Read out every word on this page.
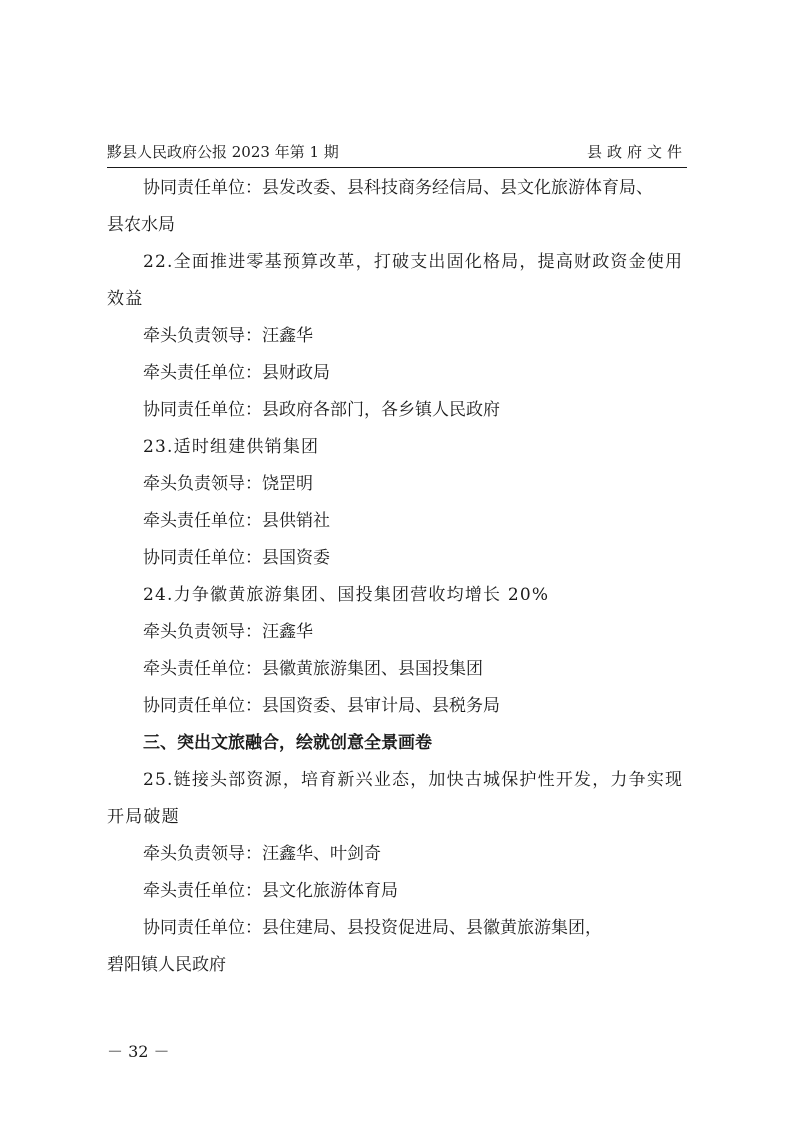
黟县人民政府公报 2023 年第 1 期	县政府文件
协同责任单位：县发改委、县科技商务经信局、县文化旅游体育局、
县农水局
22.全面推进零基预算改革，打破支出固化格局，提高财政资金使用
效益
牵头负责领导：汪鑫华
牵头责任单位：县财政局
协同责任单位：县政府各部门，各乡镇人民政府
23.适时组建供销集团
牵头负责领导：饶罡明
牵头责任单位：县供销社
协同责任单位：县国资委
24.力争徽黄旅游集团、国投集团营收均增长 20%
牵头负责领导：汪鑫华
牵头责任单位：县徽黄旅游集团、县国投集团
协同责任单位：县国资委、县审计局、县税务局
三、突出文旅融合，绘就创意全景画卷
25.链接头部资源，培育新兴业态，加快古城保护性开发，力争实现
开局破题
牵头负责领导：汪鑫华、叶剑奇
牵头责任单位：县文化旅游体育局
协同责任单位：县住建局、县投资促进局、县徽黄旅游集团，
碧阳镇人民政府
－ 32 －
